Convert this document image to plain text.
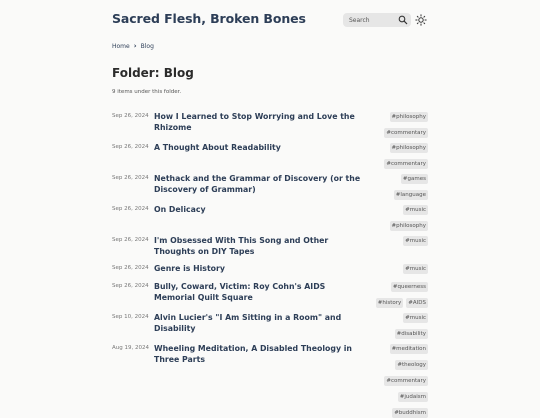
Sacred Flesh, Broken Bones
Search
Home › Blog
Folder: Blog
9 items under this folder.
Sep 26, 2024 How I Learned to Stop Worrying and Love the Rhizome
#philosophy
#commentary
Sep 26, 2024 A Thought About Readability	#philosophy
#commentary
Sep 26, 2024 Nethack and the Grammar of Discovery (or the Discovery of Grammar)
#games
#language
Sep 26, 2024 On Delicacy	#music
#philosophy
Sep 26, 2024 I'm Obsessed With This Song and Other Thoughts on DIY Tapes
#music
Sep 26, 2024 Genre is History	#music
Sep 26, 2024 Bully, Coward, Victim: Roy Cohn's AIDS Memorial Quilt Square
#queerness
#history	#AIDS
Sep 10, 2024 Alvin Lucier's "I Am Sitting in a Room" and Disability
#music
#disability
Aug 19, 2024 Wheeling Meditation, A Disabled Theology in Three Parts
#meditation
#theology
#commentary
#judaism
#buddhism
